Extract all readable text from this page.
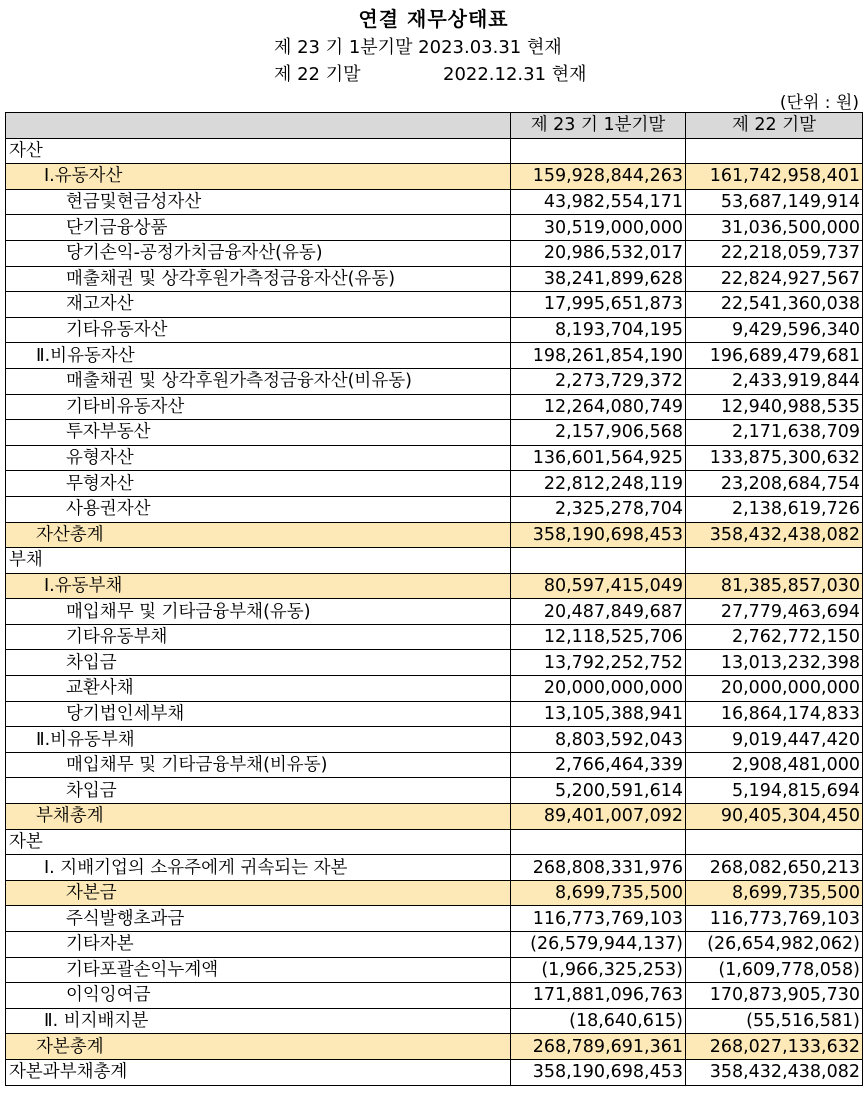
연결 재무상태표
제 23 기 1분기말 2023.03.31 현재
제 22 기말	2022.12.31 현재
(단위 : 원)
	제 23 기 1분기말	제 22 기말
자산		
Ⅰ.유동자산	159,928,844,263	161,742,958,401
현금및현금성자산	43,982,554,171	53,687,149,914
단기금융상품	30,519,000,000	31,036,500,000
당기손익-공정가치금융자산(유동)	20,986,532,017	22,218,059,737
매출채권 및 상각후원가측정금융자산(유동)	38,241,899,628	22,824,927,567
재고자산	17,995,651,873	22,541,360,038
기타유동자산	8,193,704,195	9,429,596,340
Ⅱ.비유동자산	198,261,854,190	196,689,479,681
매출채권 및 상각후원가측정금융자산(비유동)	2,273,729,372	2,433,919,844
기타비유동자산	12,264,080,749	12,940,988,535
투자부동산	2,157,906,568	2,171,638,709
유형자산	136,601,564,925	133,875,300,632
무형자산	22,812,248,119	23,208,684,754
사용권자산	2,325,278,704	2,138,619,726
자산총계	358,190,698,453	358,432,438,082
부채		
Ⅰ.유동부채	80,597,415,049	81,385,857,030
매입채무 및 기타금융부채(유동)	20,487,849,687	27,779,463,694
기타유동부채	12,118,525,706	2,762,772,150
차입금	13,792,252,752	13,013,232,398
교환사채	20,000,000,000	20,000,000,000
당기법인세부채	13,105,388,941	16,864,174,833
Ⅱ.비유동부채	8,803,592,043	9,019,447,420
매입채무 및 기타금융부채(비유동)	2,766,464,339	2,908,481,000
차입금	5,200,591,614	5,194,815,694
부채총계	89,401,007,092	90,405,304,450
자본		
Ⅰ. 지배기업의 소유주에게 귀속되는 자본	268,808,331,976	268,082,650,213
자본금	8,699,735,500	8,699,735,500
주식발행초과금	116,773,769,103	116,773,769,103
기타자본	(26,579,944,137)	(26,654,982,062)
기타포괄손익누계액	(1,966,325,253)	(1,609,778,058)
이익잉여금	171,881,096,763	170,873,905,730
Ⅱ. 비지배지분	(18,640,615)	(55,516,581)
자본총계	268,789,691,361	268,027,133,632
자본과부채총계	358,190,698,453	358,432,438,082
